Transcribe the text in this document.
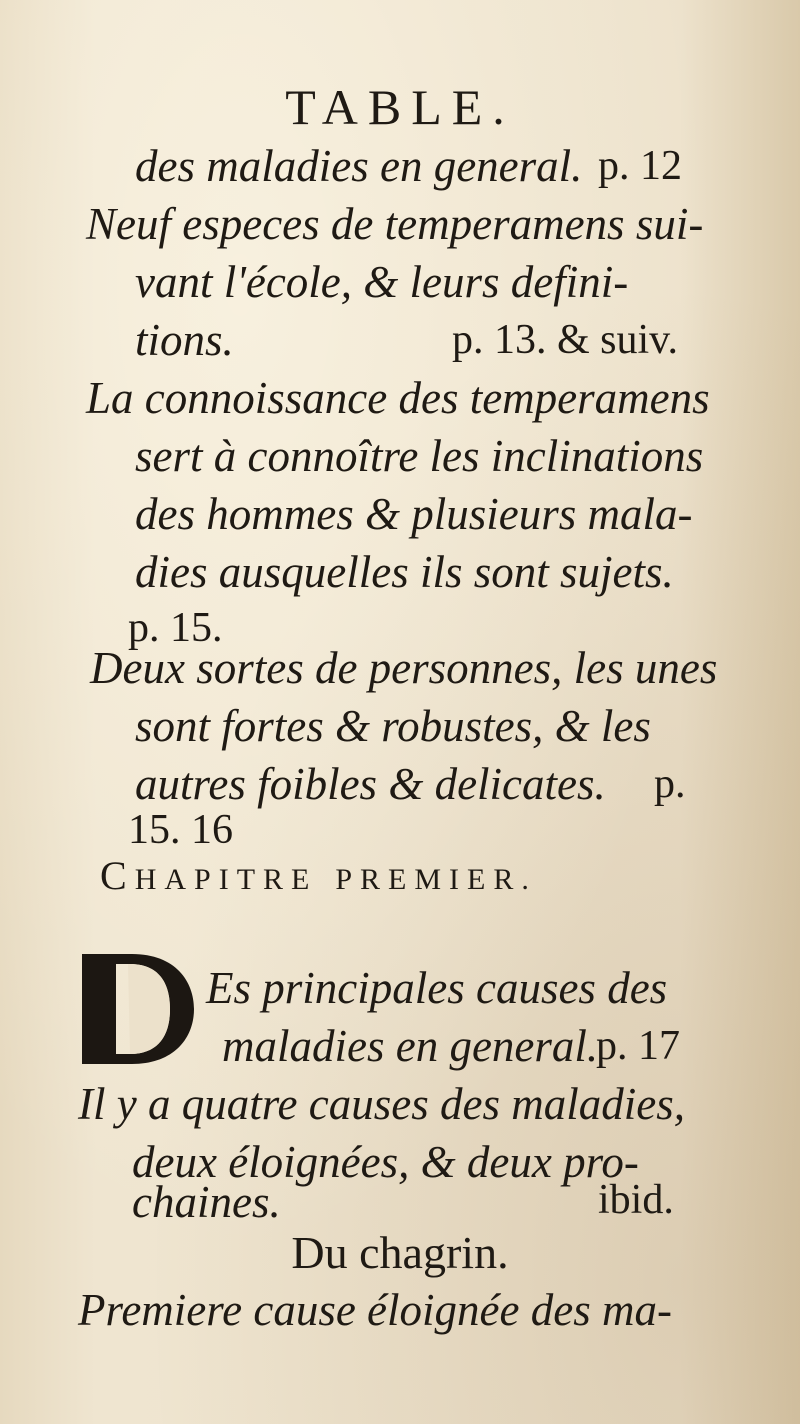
TABLE.
des maladies en general. p. 12
Neuf especes de temperamens sui-
vant l'école, & leurs defini-
tions.	p. 13. & suiv.
La connoissance des temperamens
sert à connoître les inclinations
des hommes & plusieurs mala-
dies ausquelles ils sont sujets.
p. 15.
Deux sortes de personnes, les unes
sont fortes & robustes, & les
autres foibles & delicates. p.
15. 16
CHAPITRE PREMIER.
Es principales causes des
maladies en general.
p. 17
Il y a quatre causes des maladies,
deux éloignées, & deux pro-
chaines.	ibid.
Du chagrin.
Premiere cause éloignée des ma-
